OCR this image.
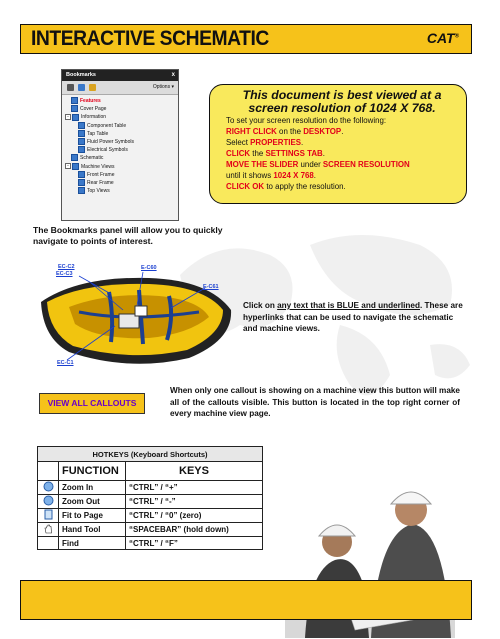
INTERACTIVE SCHEMATIC	CAT®
Bookmarks	x
Options ▾
Features
Cover Page
− Information
Component Table
Tap Table
Fluid Power Symbols
Electrical Symbols
Schematic
− Machine Views
Front Frame
Rear Frame
Top Views
The Bookmarks panel will allow you to quickly navigate to points of interest.
This document is best viewed at a screen resolution of 1024 X 768.
To set your screen resolution do the following:
RIGHT CLICK on the DESKTOP.
Select PROPERTIES.
CLICK the SETTINGS TAB.
MOVE THE SLIDER under SCREEN RESOLUTION
until it shows 1024 X 768.
CLICK OK to apply the resolution.
EC-C2
EC-C3
E-C60
E-C61
EC-C1
Click on any text that is BLUE and underlined. These are hyperlinks that can be used to navigate the schematic and machine views.
VIEW ALL CALLOUTS
When only one callout is showing on a machine view this button will make all of the callouts visible. This button is located in the top right corner of every machine view page.
HOTKEYS (Keyboard Shortcuts)		
	FUNCTION	KEYS
	Zoom In	“CTRL” / “+”
	Zoom Out	“CTRL” / “-”
	Fit to Page	“CTRL” / “0” (zero)
	Hand Tool	“SPACEBAR” (hold down)
	Find	“CTRL” / “F”
